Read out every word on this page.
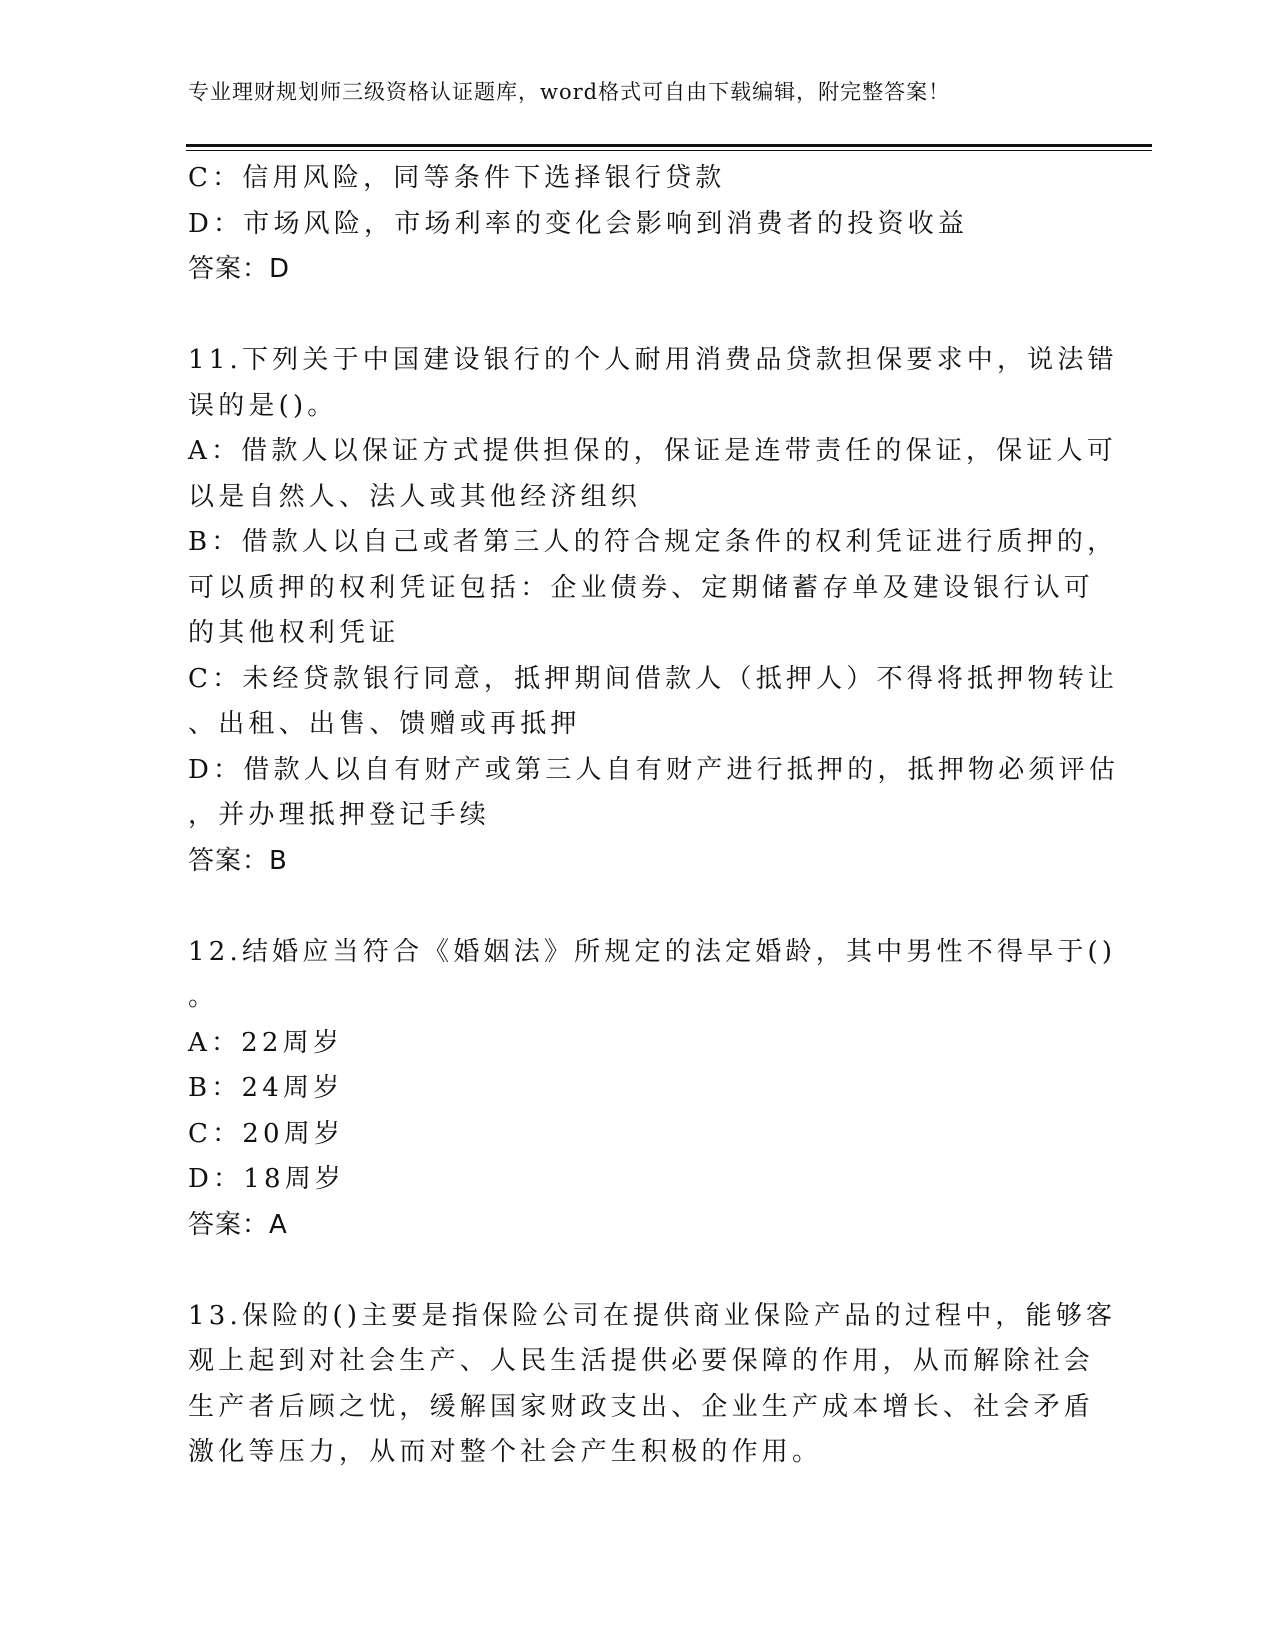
专业理财规划师三级资格认证题库，word格式可自由下载编辑，附完整答案！
C：信用风险，同等条件下选择银行贷款
D：市场风险，市场利率的变化会影响到消费者的投资收益
答案：D
11.下列关于中国建设银行的个人耐用消费品贷款担保要求中，说法错
误的是()。
A：借款人以保证方式提供担保的，保证是连带责任的保证，保证人可
以是自然人、法人或其他经济组织
B：借款人以自己或者第三人的符合规定条件的权利凭证进行质押的，
可以质押的权利凭证包括：企业债券、定期储蓄存单及建设银行认可
的其他权利凭证
C：未经贷款银行同意，抵押期间借款人（抵押人）不得将抵押物转让
、出租、出售、馈赠或再抵押
D：借款人以自有财产或第三人自有财产进行抵押的，抵押物必须评估
，并办理抵押登记手续
答案：B
12.结婚应当符合《婚姻法》所规定的法定婚龄，其中男性不得早于()
。
A：22周岁
B：24周岁
C：20周岁
D：18周岁
答案：A
13.保险的()主要是指保险公司在提供商业保险产品的过程中，能够客
观上起到对社会生产、人民生活提供必要保障的作用，从而解除社会
生产者后顾之忧，缓解国家财政支出、企业生产成本增长、社会矛盾
激化等压力，从而对整个社会产生积极的作用。
